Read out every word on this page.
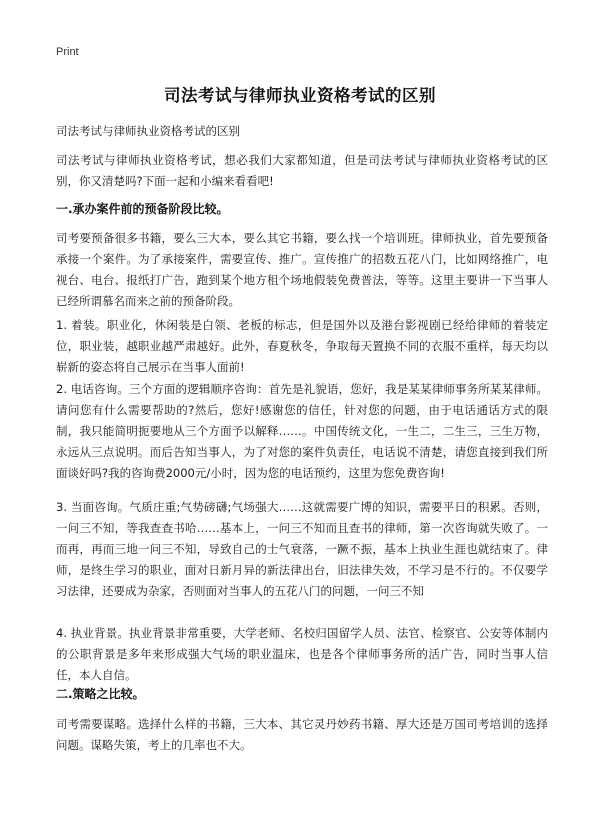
Print
司法考试与律师执业资格考试的区别
司法考试与律师执业资格考试的区别
司法考试与律师执业资格考试，想必我们大家都知道，但是司法考试与律师执业资格考试的区别，你又清楚吗?下面一起和小编来看看吧!
一.承办案件前的预备阶段比较。
司考要预备很多书籍，要么三大本，要么其它书籍，要么找一个培训班。律师执业，首先要预备承接一个案件。为了承接案件，需要宣传、推广。宣传推广的招数五花八门，比如网络推广，电视台、电台、报纸打广告，跑到某个地方租个场地假装免费普法，等等。这里主要讲一下当事人已经所谓慕名而来之前的预备阶段。
1. 着装。职业化，休闲装是白领、老板的标志，但是国外以及港台影视剧已经给律师的着装定位，职业装，越职业越严肃越好。此外，春夏秋冬，争取每天置换不同的衣服不重样，每天均以崭新的姿态将自己展示在当事人面前!
2. 电话咨询。三个方面的逻辑顺序咨询：首先是礼貌语，您好，我是某某律师事务所某某律师。请问您有什么需要帮助的?然后，您好!感谢您的信任，针对您的问题，由于电话通话方式的限制，我只能简明扼要地从三个方面予以解释……。中国传统文化，一生二，二生三，三生万物，永远从三点说明。而后告知当事人，为了对您的案件负责任，电话说不清楚，请您直接到我们所面谈好吗?我的咨询费2000元/小时，因为您的电话预约，这里为您免费咨询!
3. 当面咨询。气质庄重;气势磅礴;气场强大……这就需要广博的知识，需要平日的积累。否则，一问三不知，等我查查书哈……基本上，一问三不知而且查书的律师，第一次咨询就失败了。一而再，再而三地一问三不知，导致自己的士气衰落，一蹶不振，基本上执业生涯也就结束了。律师，是终生学习的职业，面对日新月异的新法律出台，旧法律失效，不学习是不行的。不仅要学习法律，还要成为杂家，否则面对当事人的五花八门的问题，一问三不知
4. 执业背景。执业背景非常重要，大学老师、名校归国留学人员、法官、检察官、公安等体制内的公职背景是多年来形成强大气场的职业温床，也是各个律师事务所的活广告，同时当事人信任，本人自信。
二.策略之比较。
司考需要谋略。选择什么样的书籍，三大本、其它灵丹妙药书籍、厚大还是万国司考培训的选择问题。谋略失策，考上的几率也不大。
